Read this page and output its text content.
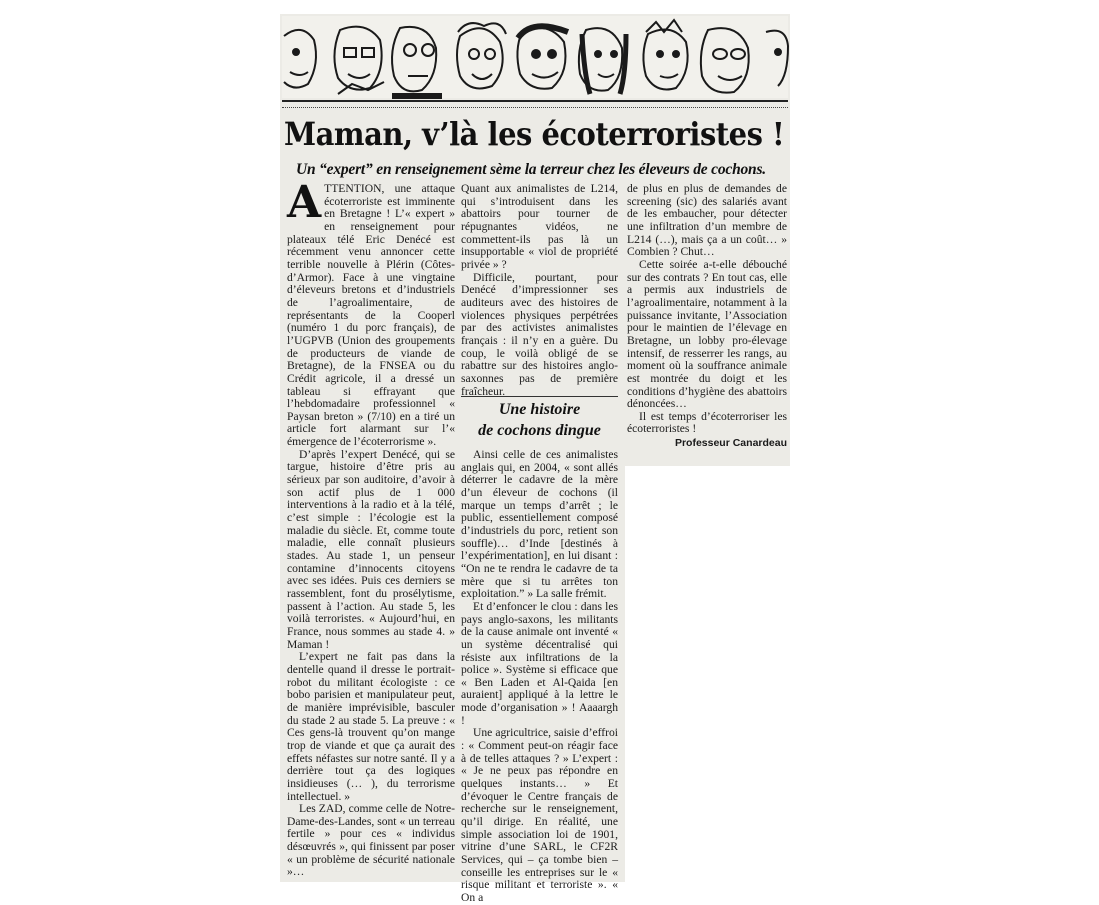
Maman, v’là les écoterroristes !
Un “expert” en renseignement sème la terreur chez les éleveurs de cochons.
A TTENTION, une attaque écoterroriste est imminente en Bretagne ! L’« expert » en renseignement pour plateaux télé Eric Denécé est récemment venu annoncer cette terrible nouvelle à Plérin (Côtes-d’Armor). Face à une vingtaine d’éleveurs bretons et d’industriels de l’agroalimentaire, de représentants de la Cooperl (numéro 1 du porc français), de l’UGPVB (Union des groupements de producteurs de viande de Bretagne), de la FNSEA ou du Crédit agricole, il a dressé un tableau si effrayant que l’hebdomadaire professionnel « Paysan breton » (7/10) en a tiré un article fort alarmant sur l’« émergence de l’écoterrorisme ».

D’après l’expert Denécé, qui se targue, histoire d’être pris au sérieux par son auditoire, d’avoir à son actif plus de 1 000 interventions à la radio et à la télé, c’est simple : l’écologie est la maladie du siècle. Et, comme toute maladie, elle connaît plusieurs stades. Au stade 1, un penseur contamine d’innocents citoyens avec ses idées. Puis ces derniers se rassemblent, font du prosélytisme, passent à l’action. Au stade 5, les voilà terroristes. « Aujourd’hui, en France, nous sommes au stade 4. » Maman !

L’expert ne fait pas dans la dentelle quand il dresse le portrait-robot du militant écologiste : ce bobo parisien et manipulateur peut, de manière imprévisible, basculer du stade 2 au stade 5. La preuve : « Ces gens-là trouvent qu’on mange trop de viande et que ça aurait des effets néfastes sur notre santé. Il y a derrière tout ça des logiques insidieuses (… ), du terrorisme intellectuel. »

Les ZAD, comme celle de Notre-Dame-des-Landes, sont « un terreau fertile » pour ces « individus désœuvrés », qui finissent par poser « un problème de sécurité nationale »…

Quant aux animalistes de L214, qui s’introduisent dans les abattoirs pour tourner de répugnantes vidéos, ne commettent-ils pas là un insupportable « viol de propriété privée » ?

Difficile, pourtant, pour Denécé d’impressionner ses auditeurs avec des histoires de violences physiques perpétrées par des activistes animalistes français : il n’y en a guère. Du coup, le voilà obligé de se rabattre sur des histoires anglo-saxonnes pas de première fraîcheur.

Une histoire
de cochons dingue

Ainsi celle de ces animalistes anglais qui, en 2004, « sont allés déterrer le cadavre de la mère d’un éleveur de cochons (il marque un temps d’arrêt ; le public, essentiellement composé d’industriels du porc, retient son souffle)… d’Inde [destinés à l’expérimentation], en lui disant : “On ne te rendra le cadavre de ta mère que si tu arrêtes ton exploitation.” » La salle frémit.

Et d’enfoncer le clou : dans les pays anglo-saxons, les militants de la cause animale ont inventé « un système décentralisé qui résiste aux infiltrations de la police ». Système si efficace que « Ben Laden et Al-Qaida [en auraient] appliqué à la lettre le mode d’organisation » ! Aaaargh !

Une agricultrice, saisie d’effroi : « Comment peut-on réagir face à de telles attaques ? » L’expert : « Je ne peux pas répondre en quelques instants… » Et d’évoquer le Centre français de recherche sur le renseignement, qu’il dirige. En réalité, une simple association loi de 1901, vitrine d’une SARL, le CF2R Services, qui – ça tombe bien – conseille les entreprises sur le « risque militant et terroriste ». « On a

de plus en plus de demandes de screening (sic) des salariés avant de les embaucher, pour détecter une infiltration d’un membre de L214 (…), mais ça a un coût… » Combien ? Chut…

Cette soirée a-t-elle débouché sur des contrats ? En tout cas, elle a permis aux industriels de l’agroalimentaire, notamment à la puissance invitante, l’Association pour le maintien de l’élevage en Bretagne, un lobby pro-élevage intensif, de resserrer les rangs, au moment où la souffrance animale est montrée du doigt et les conditions d’hygiène des abattoirs dénoncées…

Il est temps d’écoterroriser les écoterroristes !

Professeur Canardeau
